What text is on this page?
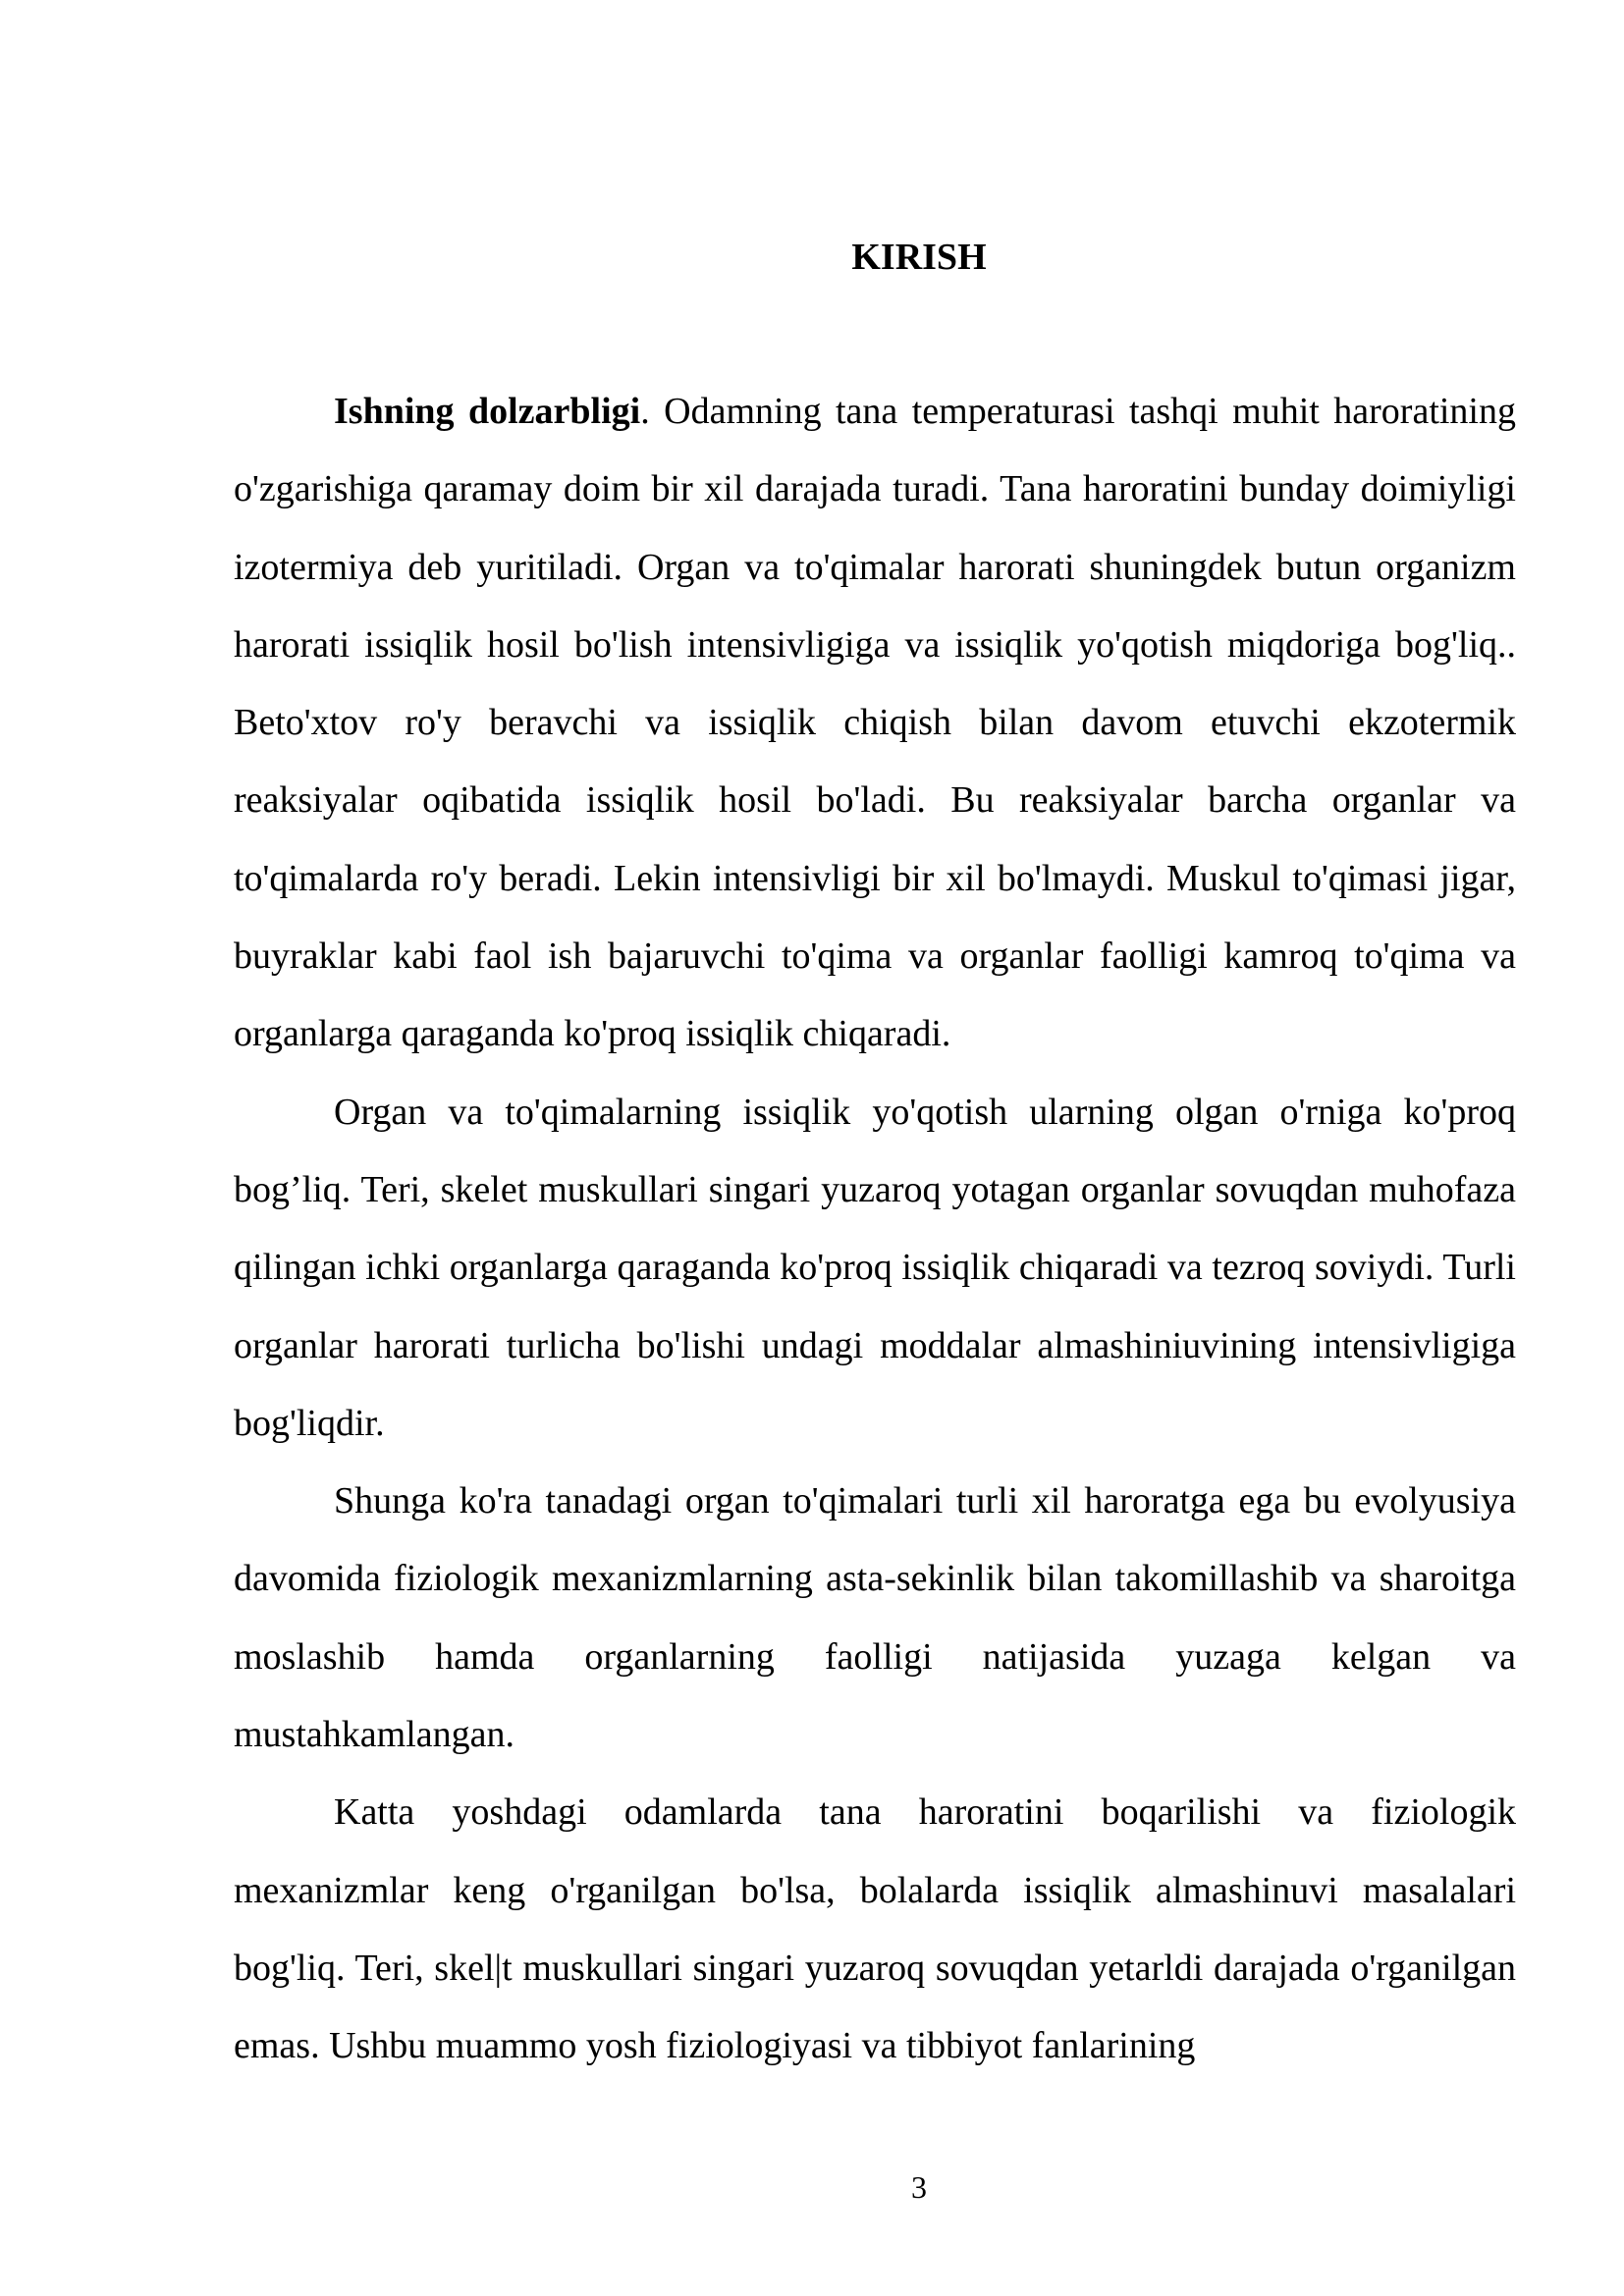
KIRISH

Ishning dolzarbligi. Odamning tana temperaturasi tashqi muhit haroratining o'zgarishiga qaramay doim bir xil darajada turadi. Tana haroratini bunday doimiyligi izotermiya deb yuritiladi. Organ va to'qimalar harorati shuningdek butun organizm harorati issiqlik hosil bo'lish intensivligiga va issiqlik yo'qotish miqdoriga bog'liq.. Beto'xtov ro'y beravchi va issiqlik chiqish bilan davom etuvchi ekzotermik reaksiyalar oqibatida issiqlik hosil bo'ladi. Bu reaksiyalar barcha organlar va to'qimalarda ro'y beradi. Lekin intensivligi bir xil bo'lmaydi. Muskul to'qimasi jigar, buyraklar kabi faol ish bajaruvchi to'qima va organlar faolligi kamroq to'qima va organlarga qaraganda ko'proq issiqlik chiqaradi.

Organ va to'qimalarning issiqlik yo'qotish ularning olgan o'rniga ko'proq bog’liq. Teri, skelet muskullari singari yuzaroq yotagan organlar sovuqdan muhofaza qilingan ichki organlarga qaraganda ko'proq issiqlik chiqaradi va tezroq soviydi. Turli organlar harorati turlicha bo'lishi undagi moddalar almashiniuvining intensivligiga bog'liqdir.

Shunga ko'ra tanadagi organ to'qimalari turli xil haroratga ega bu evolyusiya davomida fiziologik mexanizmlarning asta-sekinlik bilan takomillashib va sharoitga moslashib hamda organlarning faolligi natijasida yuzaga kelgan va mustahkamlangan.

Katta yoshdagi odamlarda tana haroratini boqarilishi va fiziologik mexanizmlar keng o'rganilgan bo'lsa, bolalarda issiqlik almashinuvi masalalari bog'liq. Teri, skel|t muskullari singari yuzaroq sovuqdan yetarldi darajada o'rganilgan emas. Ushbu muammo yosh fiziologiyasi va tibbiyot fanlarining

3
